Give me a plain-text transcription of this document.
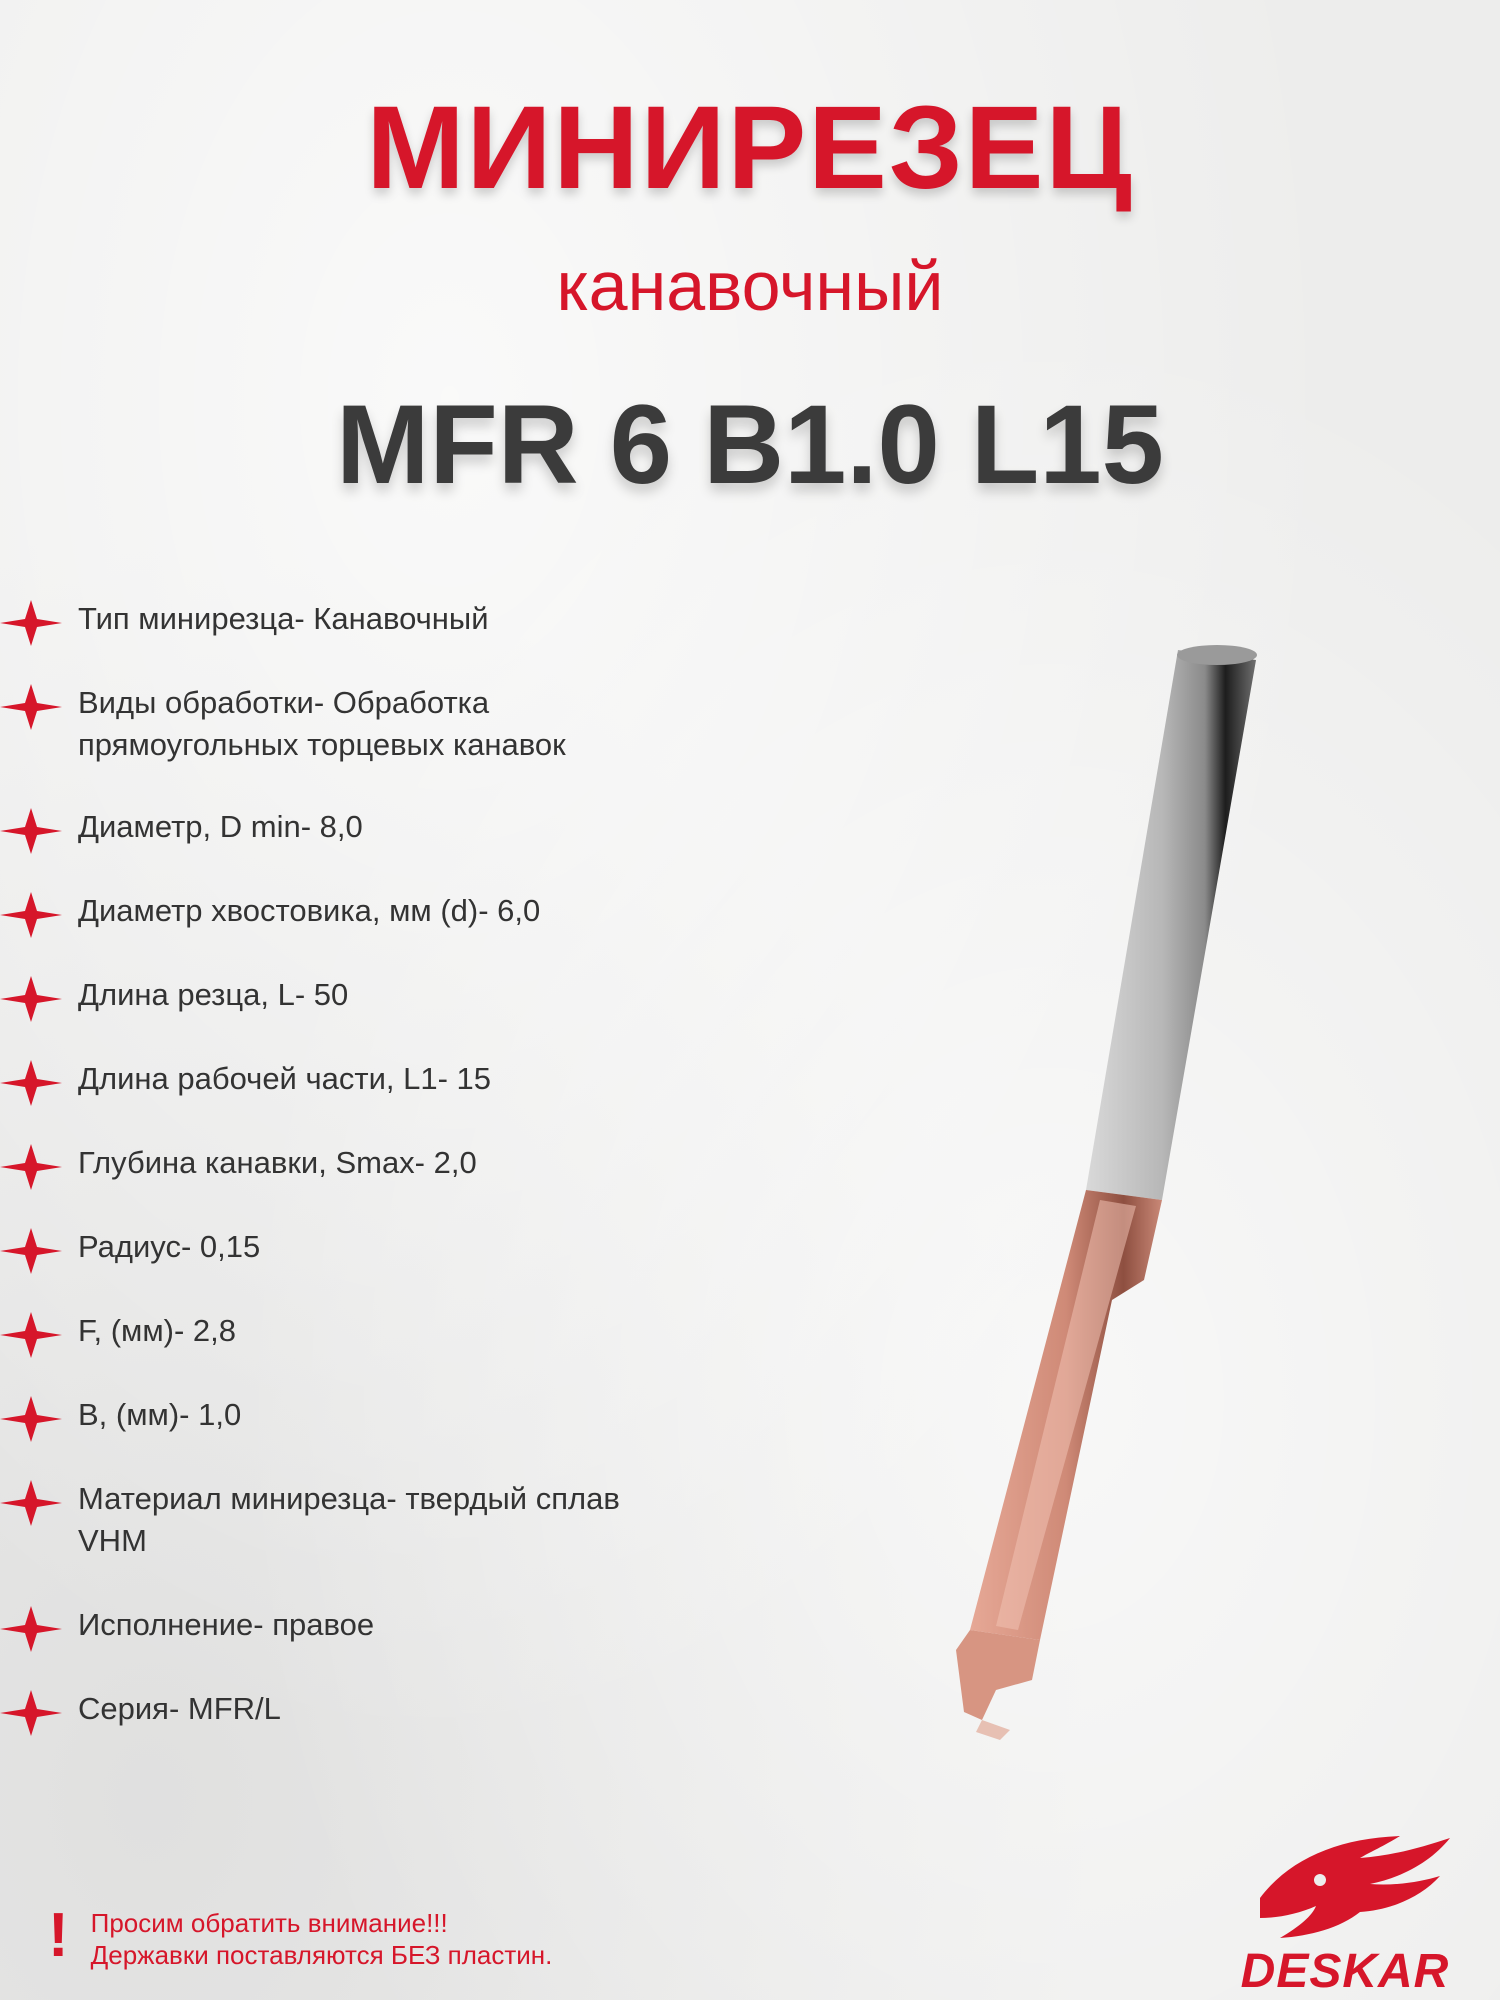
МИНИРЕЗЕЦ
канавочный
MFR 6 B1.0 L15
Тип минирезца- Канавочный
Виды обработки- Обработка
прямоугольных торцевых канавок
Диаметр, D min- 8,0
Диаметр хвостовика, мм (d)- 6,0
Длина резца, L- 50
Длина рабочей части, L1- 15
Глубина канавки, Smax- 2,0
Радиус- 0,15
F, (мм)- 2,8
B, (мм)- 1,0
Материал минирезца- твердый сплав
VHM
Исполнение- правое
Серия- MFR/L
! Просим обратить внимание!!!
Державки поставляются БЕЗ пластин.	DESKAR
